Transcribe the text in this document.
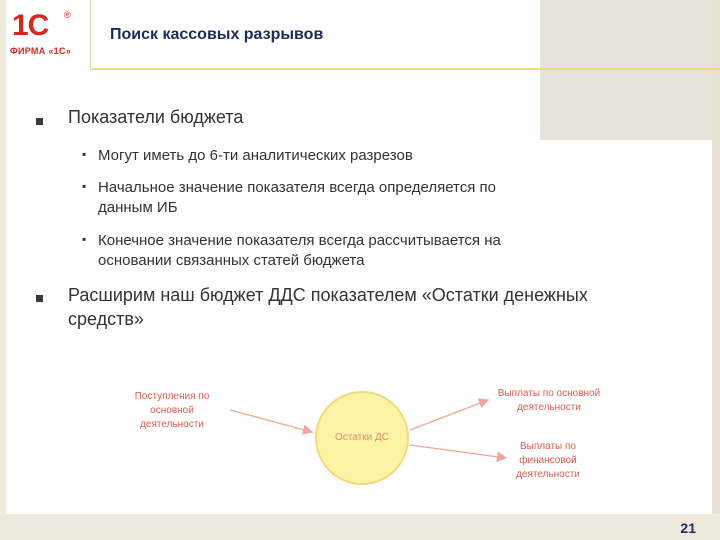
1С ®
ФИРМА «1С»
Поиск кассовых разрывов
Показатели бюджета
▪ Могут иметь до 6-ти аналитических разрезов
▪ Начальное значение показателя всегда определяется по
данным ИБ
▪ Конечное значение показателя всегда рассчитывается на
основании связанных статей бюджета
Расширим наш бюджет ДДС показателем «Остатки денежных
средств»
Поступления по
основной
деятельности
Остатки ДС
Выплаты по основной
деятельности
Выплаты по
финансовой
деятельности
21
